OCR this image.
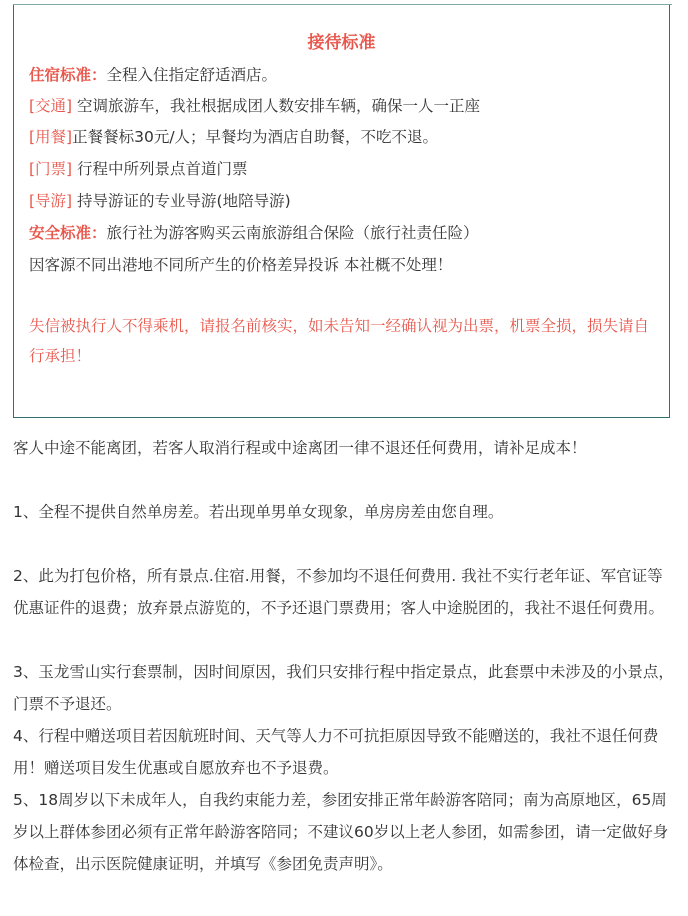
接待标准
住宿标准：全程入住指定舒适酒店。
[交通] 空调旅游车，我社根据成团人数安排车辆，确保一人一正座
[用餐]正餐餐标30元/人；早餐均为酒店自助餐，不吃不退。
[门票] 行程中所列景点首道门票
[导游] 持导游证的专业导游(地陪导游)
安全标准：旅行社为游客购买云南旅游组合保险（旅行社责任险）
因客源不同出港地不同所产生的价格差异投诉 本社概不处理！
失信被执行人不得乘机，请报名前核实，如未告知一经确认视为出票，机票全损，损失请自行承担！
客人中途不能离团，若客人取消行程或中途离团一律不退还任何费用，请补足成本！
1、全程不提供自然单房差。若出现单男单女现象，单房房差由您自理。
2、此为打包价格，所有景点.住宿.用餐，不参加均不退任何费用. 我社不实行老年证、军官证等优惠证件的退费；放弃景点游览的，不予还退门票费用；客人中途脱团的，我社不退任何费用。
3、玉龙雪山实行套票制，因时间原因，我们只安排行程中指定景点，此套票中未涉及的小景点，门票不予退还。
4、行程中赠送项目若因航班时间、天气等人力不可抗拒原因导致不能赠送的，我社不退任何费用！赠送项目发生优惠或自愿放弃也不予退费。
5、18周岁以下未成年人，自我约束能力差，参团安排正常年龄游客陪同；南为高原地区，65周岁以上群体参团必须有正常年龄游客陪同；不建议60岁以上老人参团，如需参团，请一定做好身体检查，出示医院健康证明，并填写《参团免责声明》。
